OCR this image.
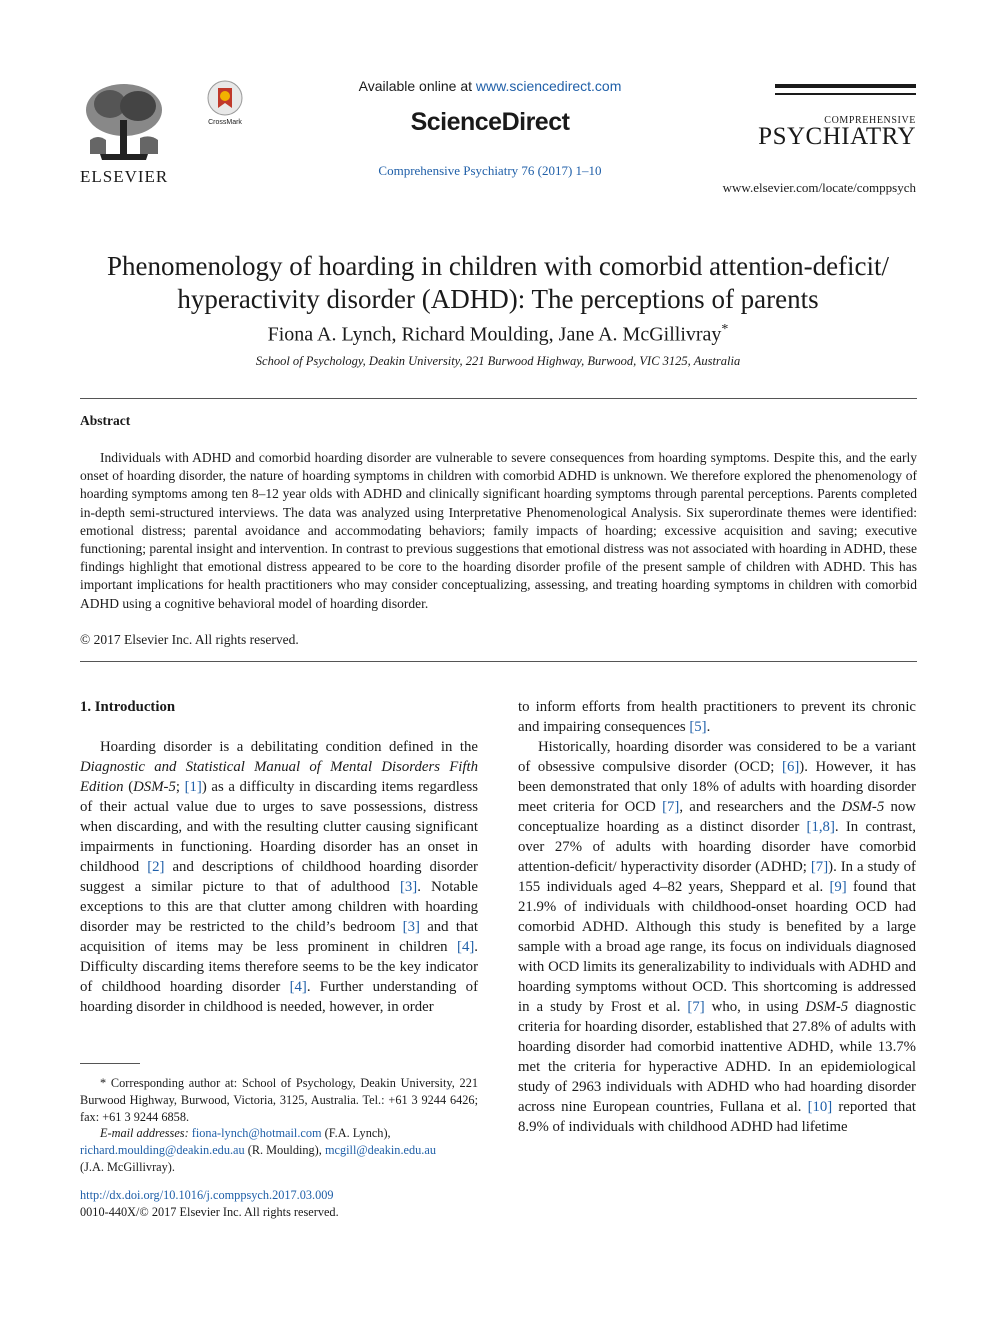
ELSEVIER
CrossMark
Available online at www.sciencedirect.com
ScienceDirect
Comprehensive Psychiatry 76 (2017) 1–10
COMPREHENSIVE
PSYCHIATRY
www.elsevier.com/locate/comppsych
Phenomenology of hoarding in children with comorbid attention-deficit/
hyperactivity disorder (ADHD): The perceptions of parents
Fiona A. Lynch, Richard Moulding, Jane A. McGillivray*
School of Psychology, Deakin University, 221 Burwood Highway, Burwood, VIC 3125, Australia
Abstract
Individuals with ADHD and comorbid hoarding disorder are vulnerable to severe consequences from hoarding symptoms. Despite this, and the early onset of hoarding disorder, the nature of hoarding symptoms in children with comorbid ADHD is unknown. We therefore explored the phenomenology of hoarding symptoms among ten 8–12 year olds with ADHD and clinically significant hoarding symptoms through parental perceptions. Parents completed in-depth semi-structured interviews. The data was analyzed using Interpretative Phenomenological Analysis. Six superordinate themes were identified: emotional distress; parental avoidance and accommodating behaviors; family impacts of hoarding; excessive acquisition and saving; executive functioning; parental insight and intervention. In contrast to previous suggestions that emotional distress was not associated with hoarding in ADHD, these findings highlight that emotional distress appeared to be core to the hoarding disorder profile of the present sample of children with ADHD. This has important implications for health practitioners who may consider conceptualizing, assessing, and treating hoarding symptoms in children with comorbid ADHD using a cognitive behavioral model of hoarding disorder.
© 2017 Elsevier Inc. All rights reserved.
1. Introduction

Hoarding disorder is a debilitating condition defined in the Diagnostic and Statistical Manual of Mental Disorders Fifth Edition (DSM-5; [1]) as a difficulty in discarding items regardless of their actual value due to urges to save possessions, distress when discarding, and with the resulting clutter causing significant impairments in functioning. Hoarding disorder has an onset in childhood [2] and descriptions of childhood hoarding disorder suggest a similar picture to that of adulthood [3]. Notable exceptions to this are that clutter among children with hoarding disorder may be restricted to the child’s bedroom [3] and that acquisition of items may be less prominent in children [4]. Difficulty discarding items therefore seems to be the key indicator of childhood hoarding disorder [4]. Further understanding of hoarding disorder in childhood is needed, however, in order

* Corresponding author at: School of Psychology, Deakin University, 221 Burwood Highway, Burwood, Victoria, 3125, Australia. Tel.: +61 3 9244 6426; fax: +61 3 9244 6858.

E-mail addresses: fiona-lynch@hotmail.com (F.A. Lynch),
richard.moulding@deakin.edu.au (R. Moulding), mcgill@deakin.edu.au
(J.A. McGillivray).

http://dx.doi.org/10.1016/j.comppsych.2017.03.009
0010-440X/© 2017 Elsevier Inc. All rights reserved.

to inform efforts from health practitioners to prevent its chronic and impairing consequences [5].

Historically, hoarding disorder was considered to be a variant of obsessive compulsive disorder (OCD; [6]). However, it has been demonstrated that only 18% of adults with hoarding disorder meet criteria for OCD [7], and researchers and the DSM-5 now conceptualize hoarding as a distinct disorder [1,8]. In contrast, over 27% of adults with hoarding disorder have comorbid attention-deficit/ hyperactivity disorder (ADHD; [7]). In a study of 155 individuals aged 4–82 years, Sheppard et al. [9] found that 21.9% of individuals with childhood-onset hoarding OCD had comorbid ADHD. Although this study is benefited by a large sample with a broad age range, its focus on individuals diagnosed with OCD limits its generalizability to individuals with ADHD and hoarding symptoms without OCD. This shortcoming is addressed in a study by Frost et al. [7] who, in using DSM-5 diagnostic criteria for hoarding disorder, established that 27.8% of adults with hoarding disorder had comorbid inattentive ADHD, while 13.7% met the criteria for hyperactive ADHD. In an epidemiological study of 2963 individuals with ADHD who had hoarding disorder across nine European countries, Fullana et al. [10] reported that 8.9% of individuals with childhood ADHD had lifetime
